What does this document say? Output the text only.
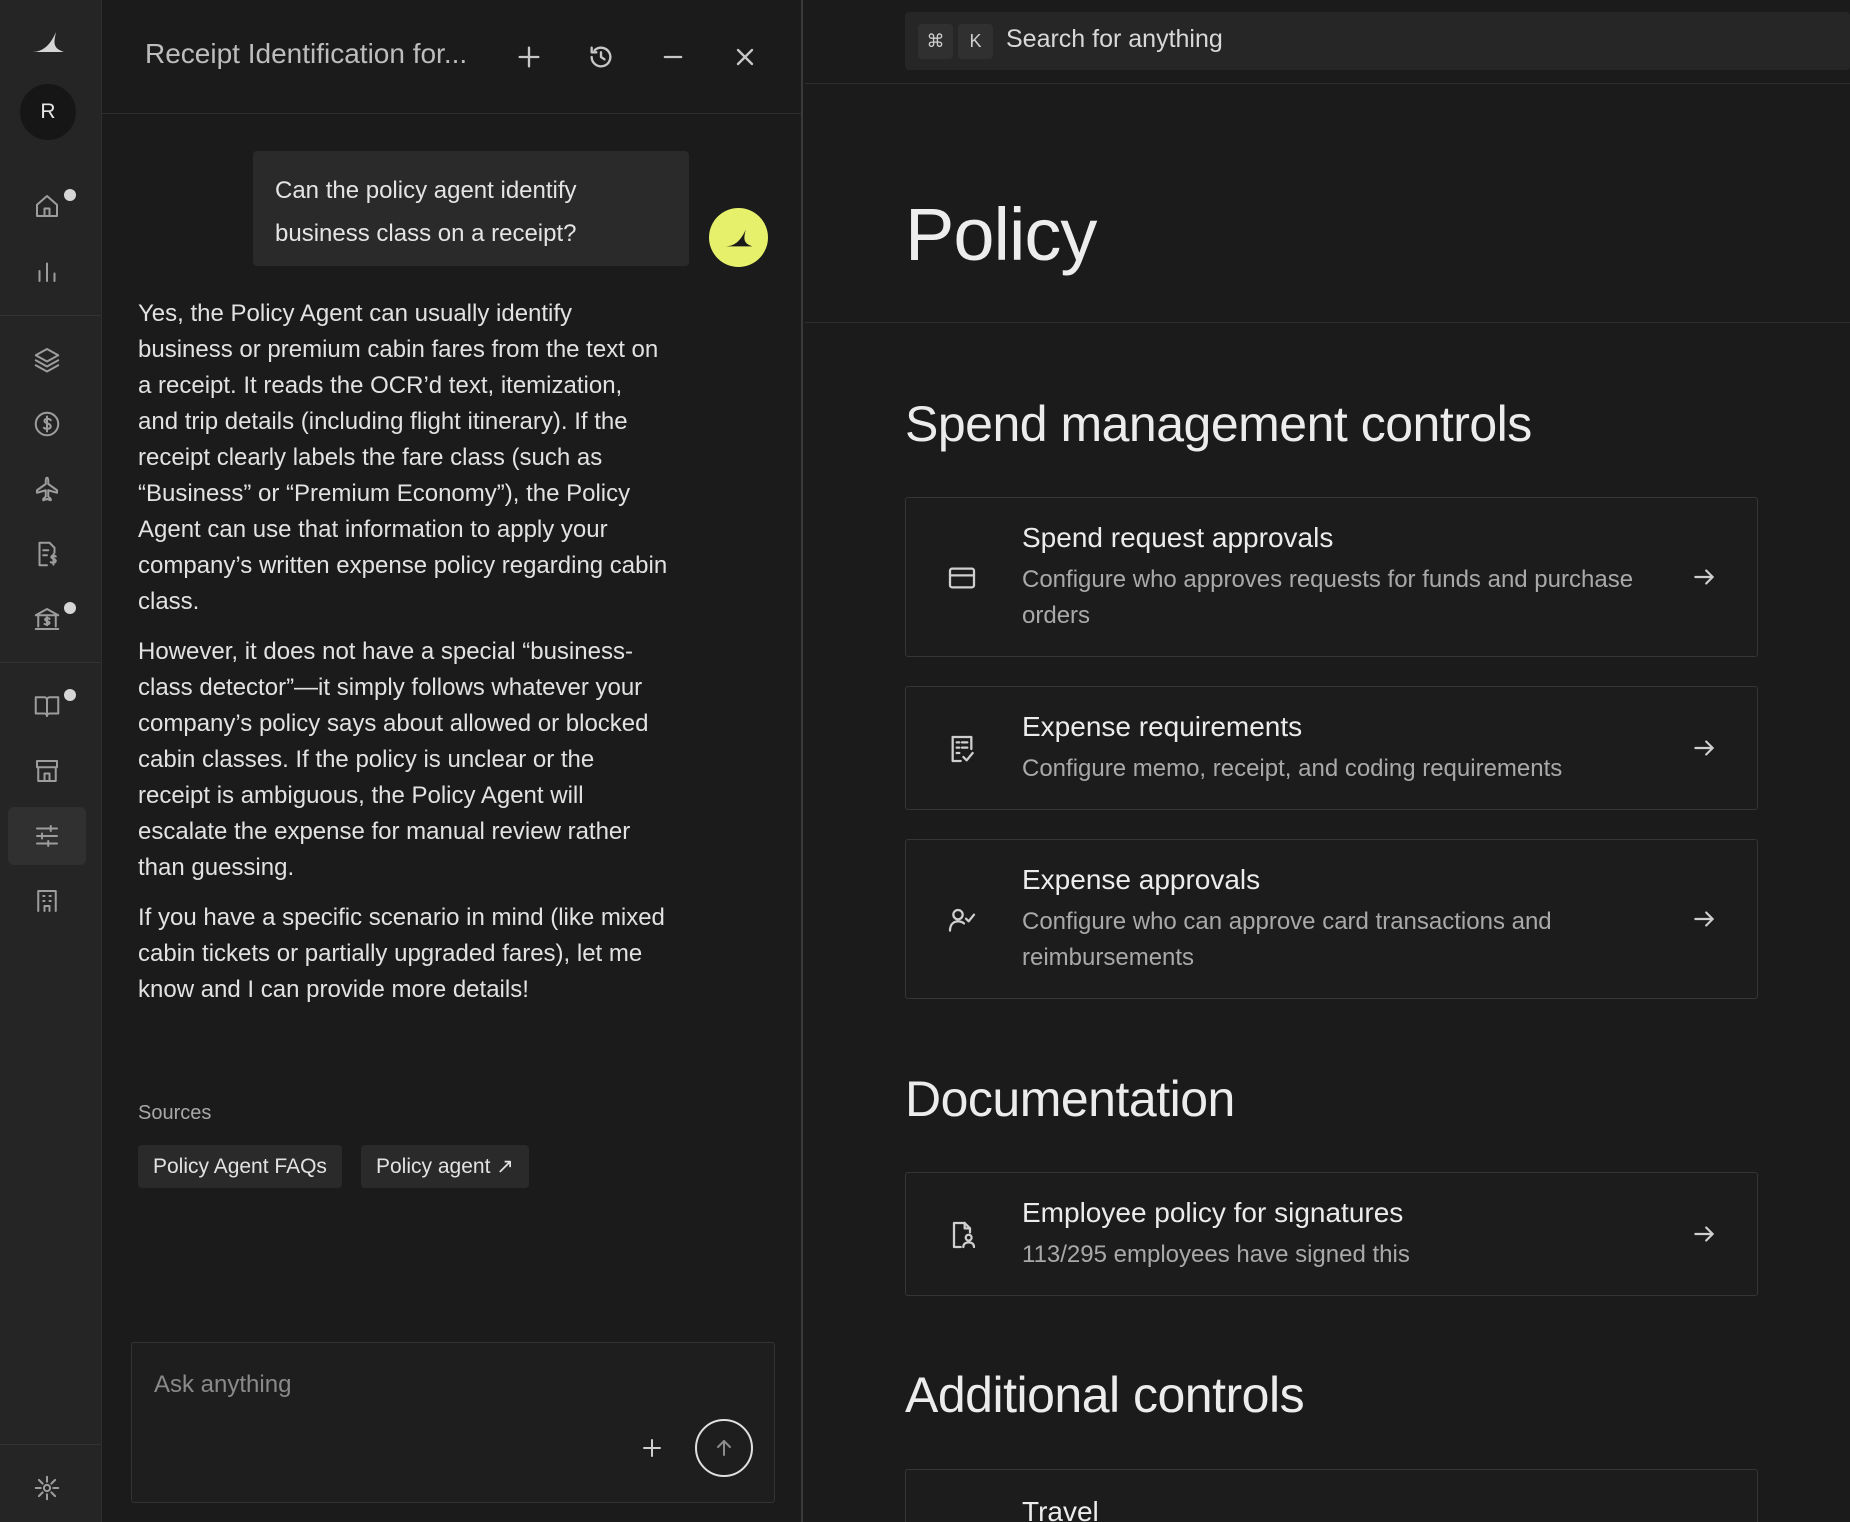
R
Receipt Identification for...
Can the policy agent identify business class on a receipt?

Yes, the Policy Agent can usually identify business or premium cabin fares from the text on a receipt. It reads the OCR’d text, itemization, and trip details (including flight itinerary). If the receipt clearly labels the fare class (such as “Business” or “Premium Economy”), the Policy Agent can use that information to apply your company’s written expense policy regarding cabin class.

However, it does not have a special “business-class detector”—it simply follows whatever your company’s policy says about allowed or blocked cabin classes. If the policy is unclear or the receipt is ambiguous, the Policy Agent will escalate the expense for manual review rather than guessing.

If you have a specific scenario in mind (like mixed cabin tickets or partially upgraded fares), let me know and I can provide more details!

Sources
Policy Agent FAQs	Policy agent ↗
Ask anything
⌘	K
Search for anything
Policy
Spend management controls
Spend request approvals
Configure who approves requests for funds and purchase orders
Expense requirements
Configure memo, receipt, and coding requirements
Expense approvals
Configure who can approve card transactions and reimbursements
Documentation
Employee policy for signatures
113/295 employees have signed this
Additional controls
Travel
